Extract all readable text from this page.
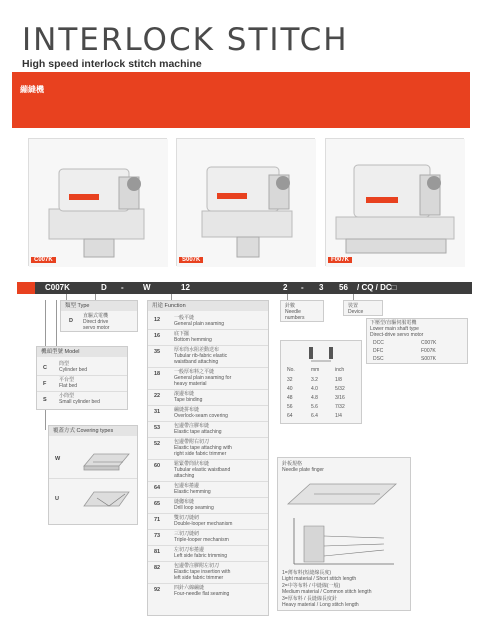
INTERLOCK STITCH
High speed interlock stitch machine
繃縫機
C007K	S007K	F007K
C007K	D - W	12	2 - 3 56 / CQ / DC□
類型 Type
D
直驅式電機
Direct drive
servo motor
機頭型號 Model
C
筒型
Cylinder bed
F
平台型
Flat bed
S
小筒型
Small cylinder bed
覆蓋方式 Covering types
W
U
用途 Function
12	一般平縫
General plain seaming
16	底下擺
Bottom hemming
35	厚布筒水阻差動送布
Tubular rib-fabric elastic
waistband attaching
18	一般厚布料之平縫
General plain seaming for
heavy material
22	滾邊布縫
Tape binding
31	繃縫拼布縫
Overlock-seam covering
53	包邊帶注膠布縫
Elastic tape attaching
52	包邊帶附右切刀
Elastic tape attaching with
right side fabric trimmer
60	鬆緊帶筒狀布縫
Tubular elastic waistband
attaching
64	包邊布捲邊
Elastic hemming
65	縫縐布縫
Drill loop seaming
71	雙切刀縫紉
Double-looper mechanism
73	三切刀縫紉
Triple-looper mechanism
81	左切刀布捲邊
Left side fabric trimming
82	包邊帶注膠附左切刀
Elastic tape insertion with
left side fabric trimmer
92	四針六線繃縫
Four-needle flat seaming
針數
Needle
numbers
裝置
Device
下壓型/直驅伺服電機
Lower main shaft type
Direct-drive servo motor
DCC	C007K
DFC	F007K
DSC	S007K
No.	mm	inch
32	3.2	1/8
40	4.0	5/32
48	4.8	3/16
56	5.6	7/32
64	6.4	1/4
針板規格
Needle plate finger
1=薄布料(短縫線長度)
Light material / Short stitch length
2=中等布料 / 中縫線(一般)
Medium material / Common stitch length
3=厚布料 / 長縫線長度針
Heavy material / Long stitch length
